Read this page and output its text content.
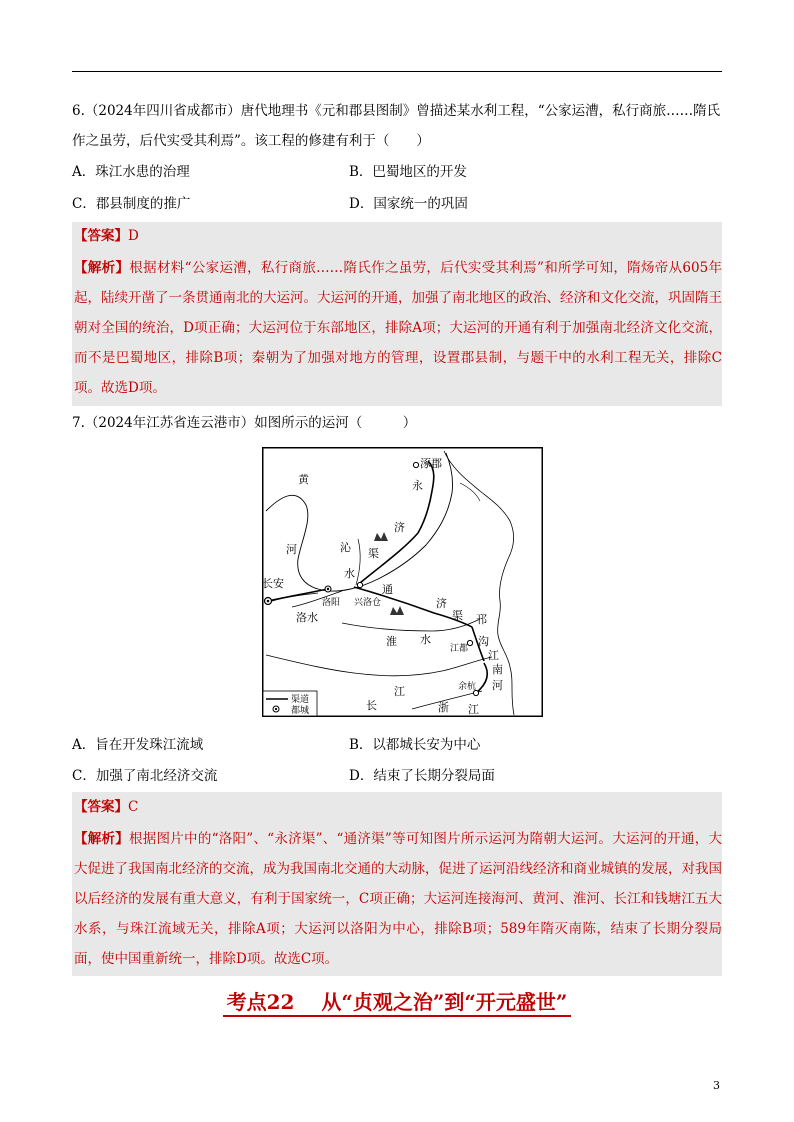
6.（2024年四川省成都市）唐代地理书《元和郡县图制》曾描述某水利工程，“公家运漕，私行商旅……隋氏作之虽劳，后代实受其利焉”。该工程的修建有利于（　　）
A．珠江水患的治理	B．巴蜀地区的开发
C．郡县制度的推广	D．国家统一的巩固
【答案】D
【解析】根据材料“公家运漕，私行商旅……隋氏作之虽劳，后代实受其利焉”和所学可知，隋炀帝从605年起，陆续开凿了一条贯通南北的大运河。大运河的开通，加强了南北地区的政治、经济和文化交流，巩固隋王朝对全国的统治，D项正确；大运河位于东部地区，排除A项；大运河的开通有利于加强南北经济文化交流，而不是巴蜀地区，排除B项；秦朝为了加强对地方的管理，设置郡县制，与题干中的水利工程无关，排除C项。故选D项。
7.（2024年江苏省连云港市）如图所示的运河（　　　）
涿郡
永
黄
济
沁 渠
河
水
通
长安
洛阳 兴洛仓	济
渠
洛水
淮 水
邗
江都
沟
江
江
南
河
余杭
长	浙 江
渠道
都城
A．旨在开发珠江流域	B．以都城长安为中心
C．加强了南北经济交流	D．结束了长期分裂局面
【答案】C
【解析】根据图片中的“洛阳”、“永济渠”、“通济渠”等可知图片所示运河为隋朝大运河。大运河的开通，大大促进了我国南北经济的交流，成为我国南北交通的大动脉，促进了运河沿线经济和商业城镇的发展，对我国以后经济的发展有重大意义，有利于国家统一，C项正确；大运河连接海河、黄河、淮河、长江和钱塘江五大水系，与珠江流域无关，排除A项；大运河以洛阳为中心，排除B项；589年隋灭南陈，结束了长期分裂局面，使中国重新统一，排除D项。故选C项。
考点22　 从“贞观之治”到“开元盛世”
3
